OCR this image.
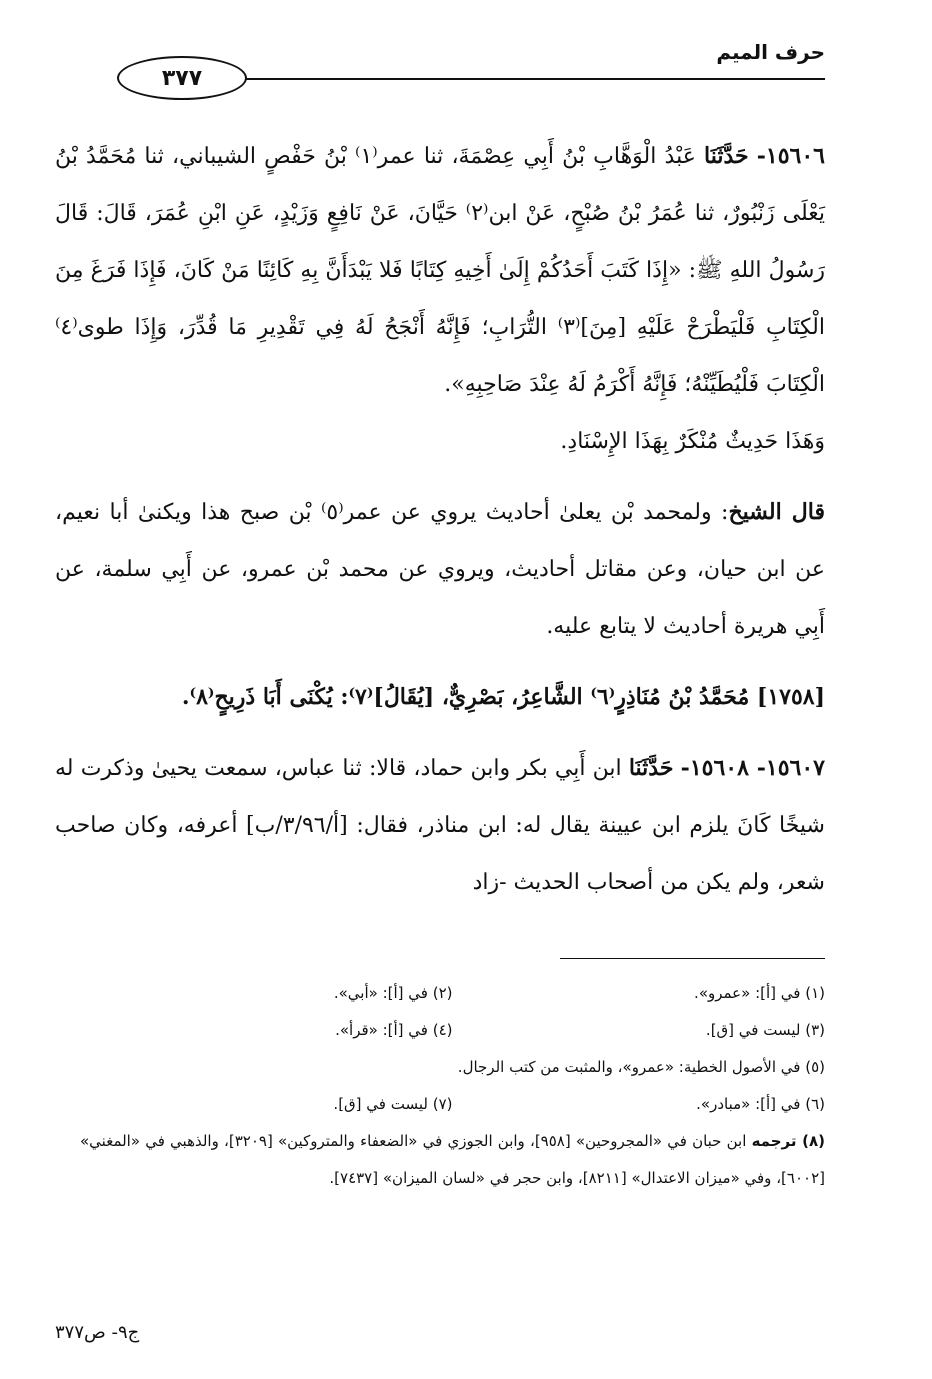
حرف الميم
٣٧٧

١٥٦٠٦- حَدَّثَنَا عَبْدُ الْوَهَّابِ بْنُ أَبِي عِصْمَةَ، ثنا عمر⁽١⁾ بْنُ حَفْصٍ الشيباني، ثنا مُحَمَّدُ بْنُ يَعْلَى زَنْبُورٌ، ثنا عُمَرُ بْنُ صُبْحٍ، عَنْ ابن⁽٢⁾ حَيَّانَ، عَنْ نَافِعٍ وَزَيْدٍ، عَنِ ابْنِ عُمَرَ، قَالَ: قَالَ رَسُولُ اللهِ ﷺ: «إِذَا كَتَبَ أَحَدُكُمْ إِلَىٰ أَخِيهِ كِتَابًا فَلا يَبْدَأَنَّ بِهِ كَائِنًا مَنْ كَانَ، فَإِذَا فَرَغَ مِنَ الْكِتَابِ فَلْيَطْرَحْ عَلَيْهِ [مِنَ]⁽٣⁾ التُّرَابِ؛ فَإِنَّهُ أَنْجَحُ لَهُ فِي تَقْدِيرِ مَا قُدِّرَ، وَإِذَا طوى⁽٤⁾ الْكِتَابَ فَلْيُطَيِّنْهُ؛ فَإِنَّهُ أَكْرَمُ لَهُ عِنْدَ صَاحِبِهِ».

وَهَذَا حَدِيثٌ مُنْكَرٌ بِهَذَا الإِسْنَادِ.

قال الشيخ: ولمحمد بْن يعلىٰ أحاديث يروي عن عمر⁽٥⁾ بْن صبح هذا ويكنىٰ أبا نعيم، عن ابن حيان، وعن مقاتل أحاديث، ويروي عن محمد بْن عمرو، عن أَبِي سلمة، عن أَبِي هريرة أحاديث لا يتابع عليه.

[١٧٥٨] مُحَمَّدُ بْنُ مُنَاذِرٍ⁽٦⁾ الشَّاعِرُ، بَصْرِيٌّ، [يُقَالُ]⁽٧⁾: يُكْنَى أَبَا ذَرِيحٍ⁽٨⁾.

١٥٦٠٧- ١٥٦٠٨- حَدَّثَنَا ابن أَبِي بكر وابن حماد، قالا: ثنا عباس، سمعت يحيىٰ وذكرت له شيخًا كَانَ يلزم ابن عيينة يقال له: ابن مناذر، فقال: [أ/٣/٩٦/ب] أعرفه، وكان صاحب شعر، ولم يكن من أصحاب الحديث -زاد

(١) في [أ]: «عمرو».
(٢) في [أ]: «أبي».
(٣) ليست في [ق].
(٤) في [أ]: «قرأ».
(٥) في الأصول الخطية: «عمرو»، والمثبت من كتب الرجال.
(٦) في [أ]: «مبادر».
(٧) ليست في [ق].
(٨) ترجمه ابن حبان في «المجروحين» [٩٥٨]، وابن الجوزي في «الضعفاء والمتروكين» [٣٢٠٩]، والذهبي في «المغني» [٦٠٠٢]، وفي «ميزان الاعتدال» [٨٢١١]، وابن حجر في «لسان الميزان» [٧٤٣٧].
ج٩- ص٣٧٧
